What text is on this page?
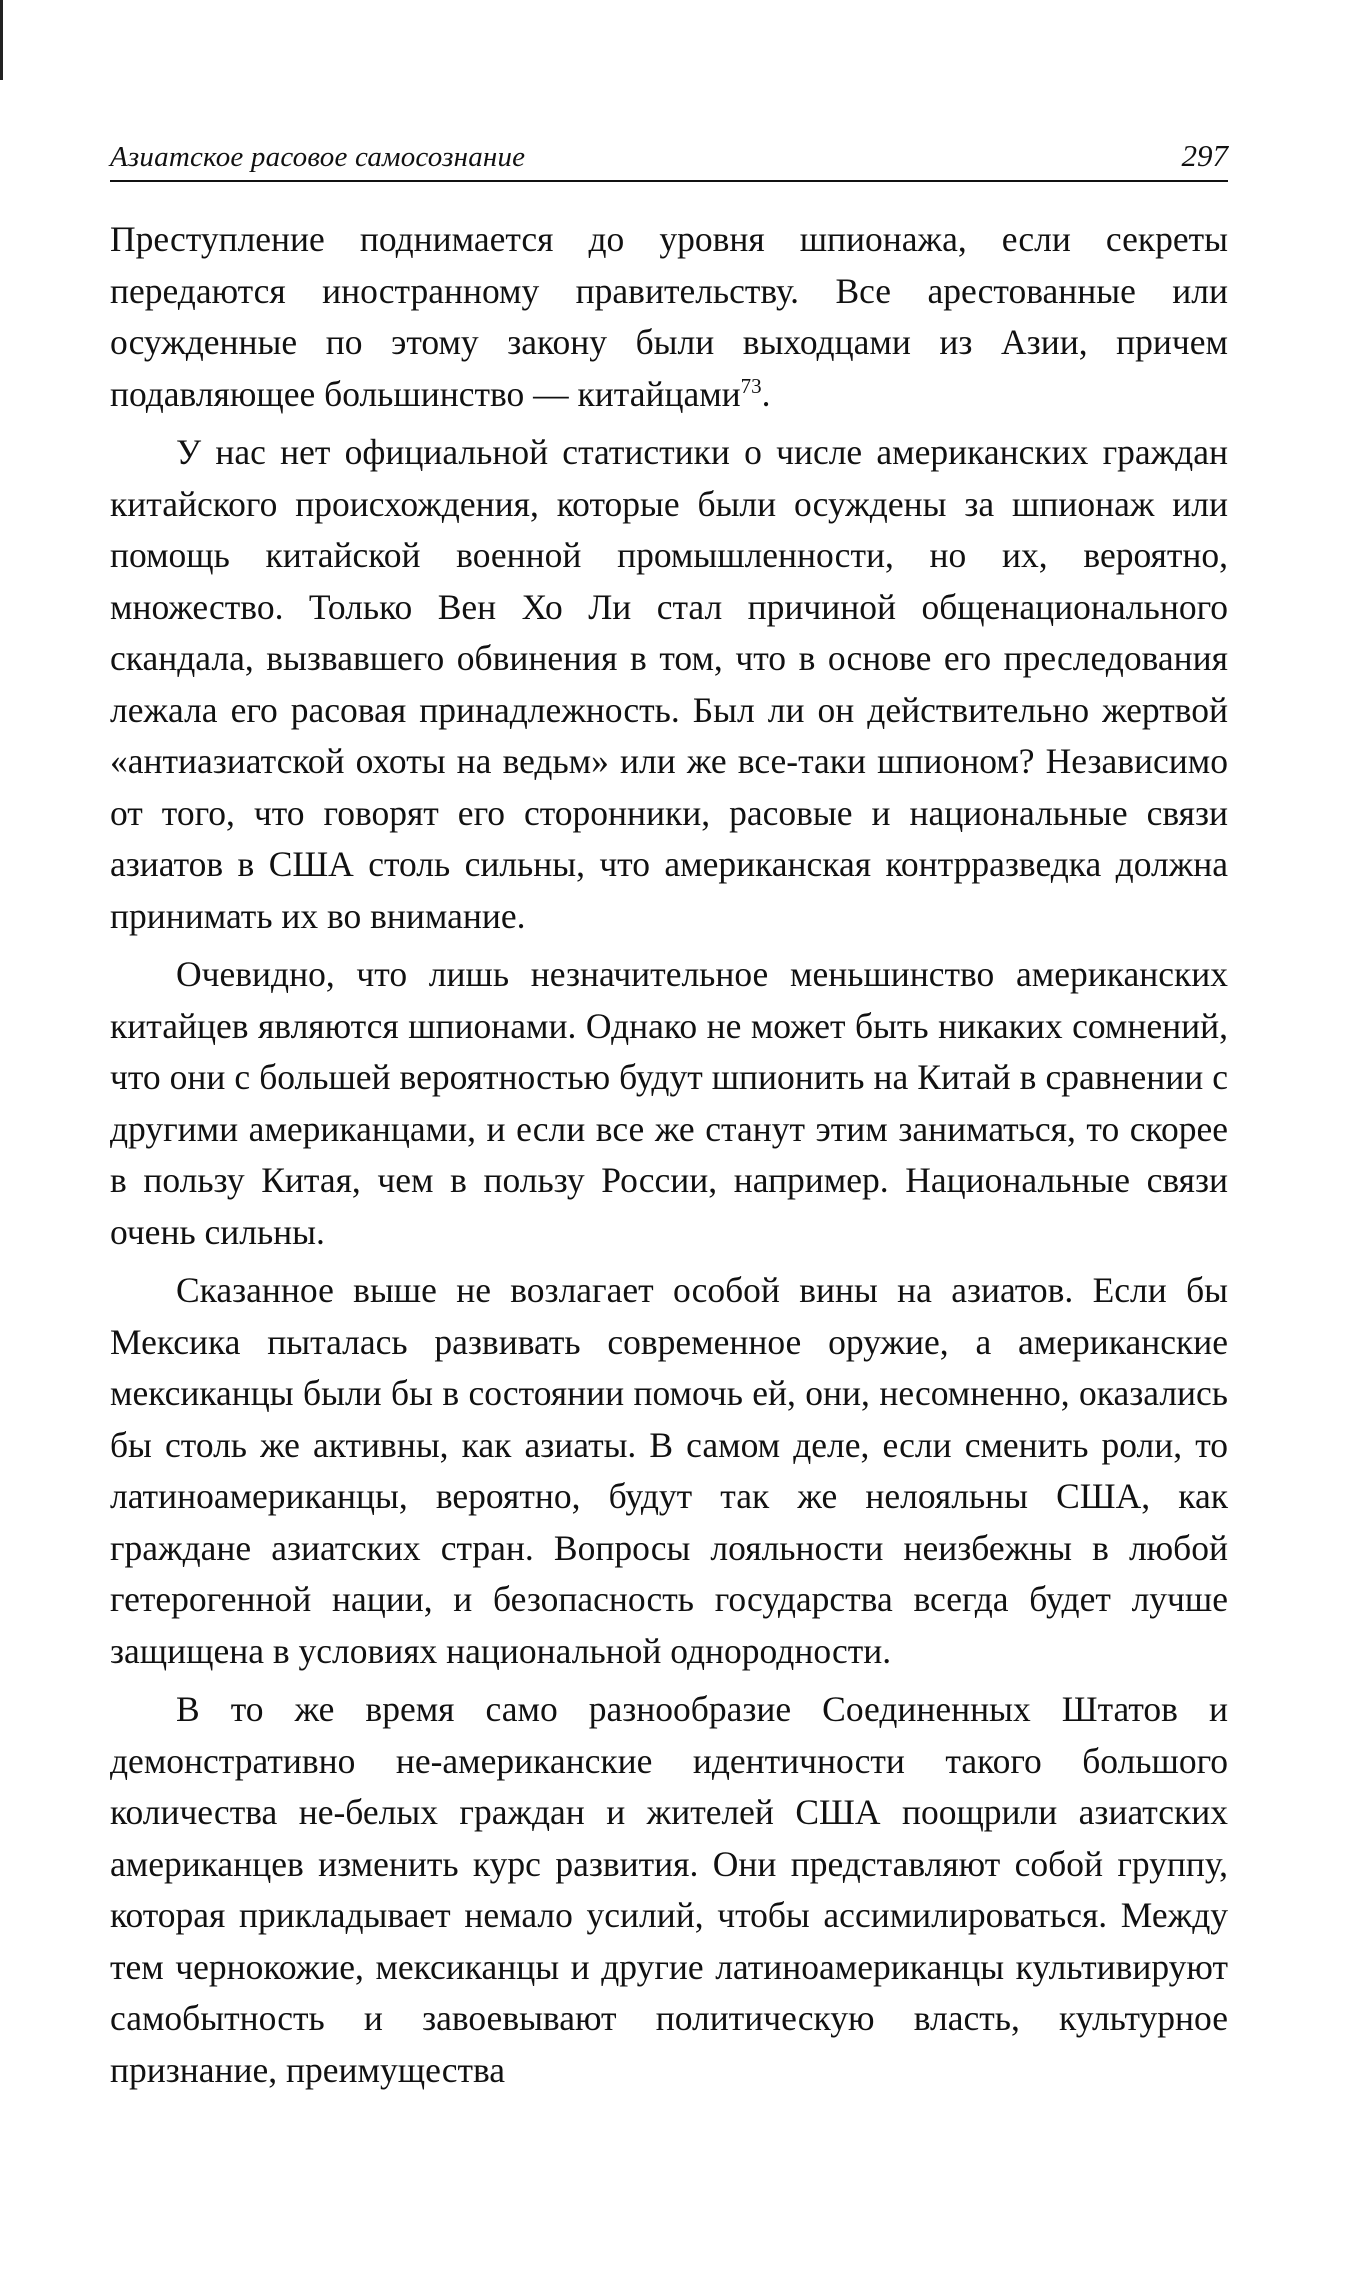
Азиатское расовое самосознание	297

Преступление поднимается до уровня шпионажа, если секреты передаются иностранному правительству. Все арестованные или осужденные по этому закону были выходцами из Азии, причем подавляющее большинство — китайцами$^{73}$.

У нас нет официальной статистики о числе американских граждан китайского происхождения, которые были осуждены за шпионаж или помощь китайской военной промышленности, но их, вероятно, множество. Только Вен Хо Ли стал причиной общенационального скандала, вызвавшего обвинения в том, что в основе его преследования лежала его расовая принадлежность. Был ли он действительно жертвой «антиазиатской охоты на ведьм» или же все-таки шпионом? Независимо от того, что говорят его сторонники, расовые и национальные связи азиатов в США столь сильны, что американская контрразведка должна принимать их во внимание.

Очевидно, что лишь незначительное меньшинство американских китайцев являются шпионами. Однако не может быть никаких сомнений, что они с большей вероятностью будут шпионить на Китай в сравнении с другими американцами, и если все же станут этим заниматься, то скорее в пользу Китая, чем в пользу России, например. Национальные связи очень сильны.

Сказанное выше не возлагает особой вины на азиатов. Если бы Мексика пыталась развивать современное оружие, а американские мексиканцы были бы в состоянии помочь ей, они, несомненно, оказались бы столь же активны, как азиаты. В самом деле, если сменить роли, то латиноамериканцы, вероятно, будут так же нелояльны США, как граждане азиатских стран. Вопросы лояльности неизбежны в любой гетерогенной нации, и безопасность государства всегда будет лучше защищена в условиях национальной однородности.

В то же время само разнообразие Соединенных Штатов и демонстративно не-американские идентичности такого большого количества не-белых граждан и жителей США поощрили азиатских американцев изменить курс развития. Они представляют собой группу, которая прикладывает немало усилий, чтобы ассимилироваться. Между тем чернокожие, мексиканцы и другие латиноамериканцы культивируют самобытность и завоевывают политическую власть, культурное признание, преимущества
